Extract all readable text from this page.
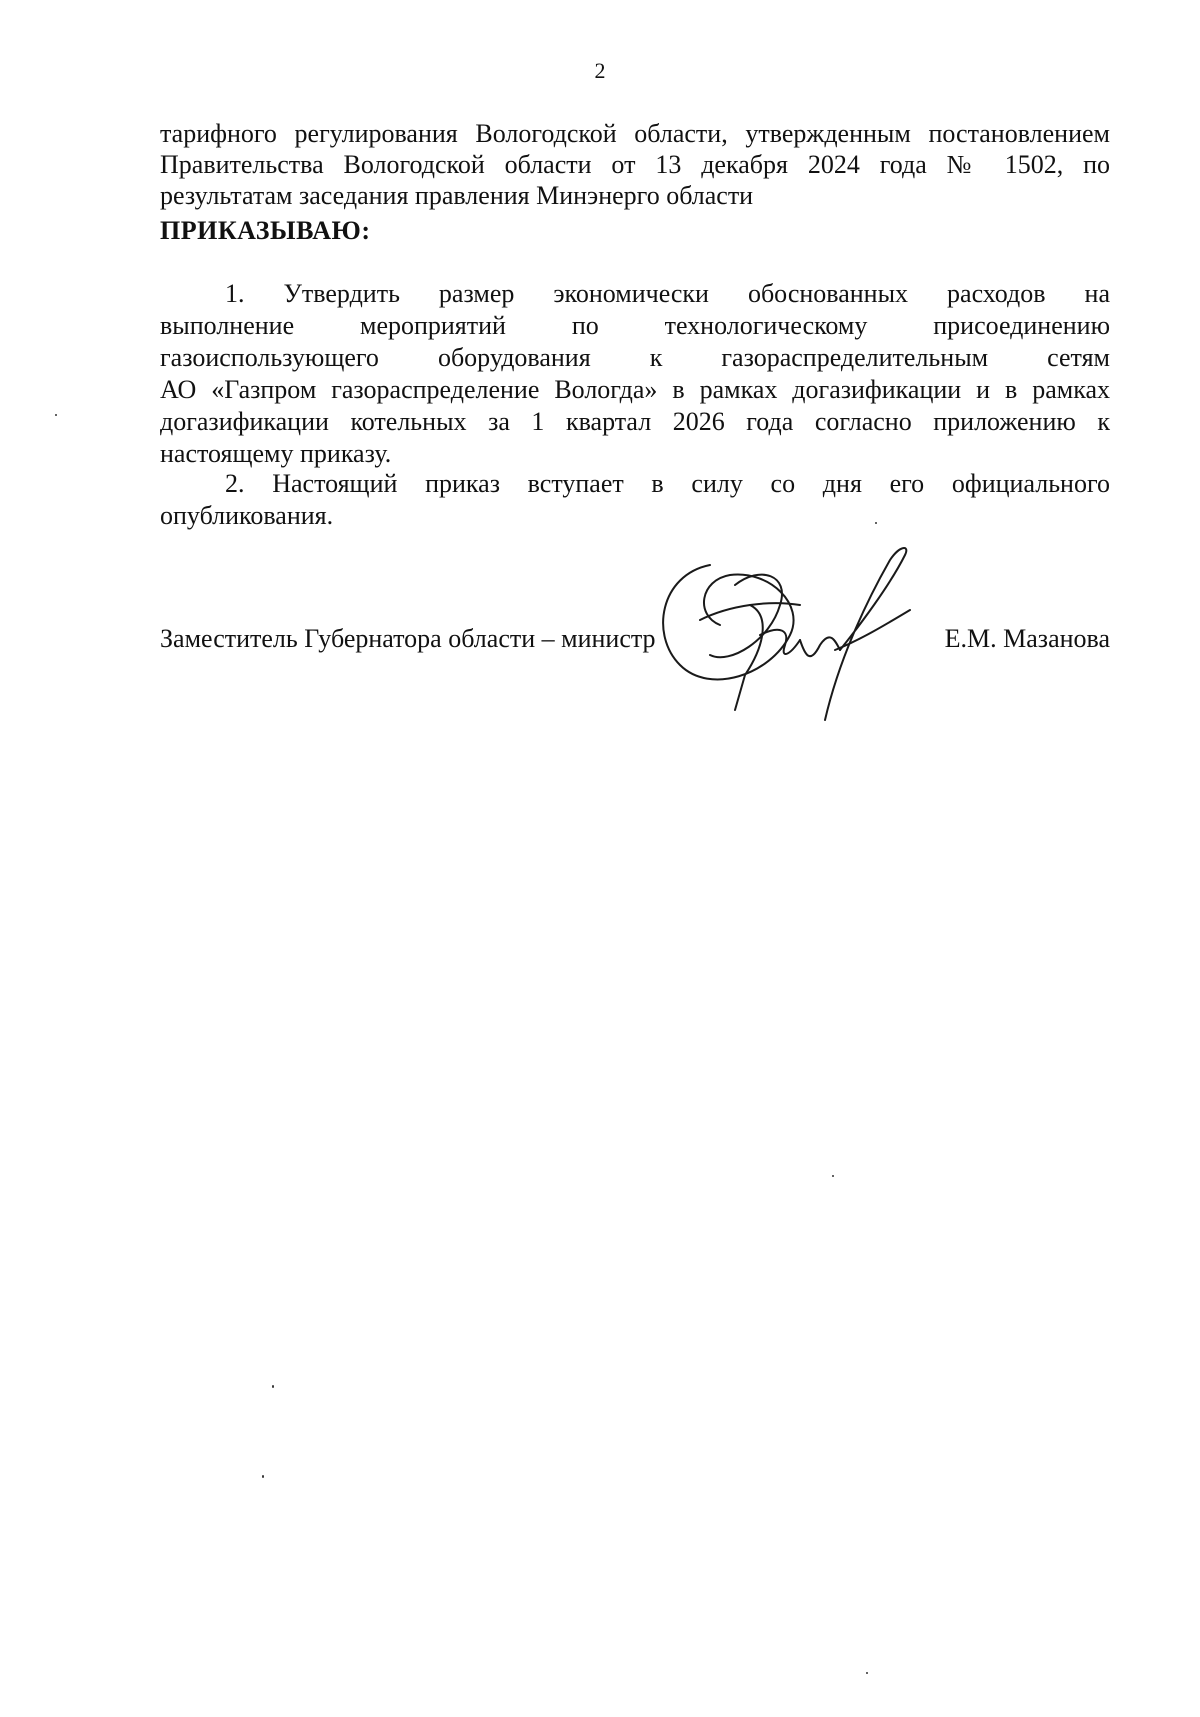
2
тарифного регулирования Вологодской области, утвержденным постановлением
Правительства Вологодской области от 13 декабря 2024 года № 1502, по
результатам заседания правления Минэнерго области
ПРИКАЗЫВАЮ:
1. Утвердить размер экономически обоснованных расходов на
выполнение мероприятий по технологическому присоединению
газоиспользующего оборудования к газораспределительным сетям
АО «Газпром газораспределение Вологда» в рамках догазификации и в рамках
догазификации котельных за 1 квартал 2026 года согласно приложению к
настоящему приказу.
2. Настоящий приказ вступает в силу со дня его официального
опубликования.
Заместитель Губернатора области – министр	Е.М. Мазанова
